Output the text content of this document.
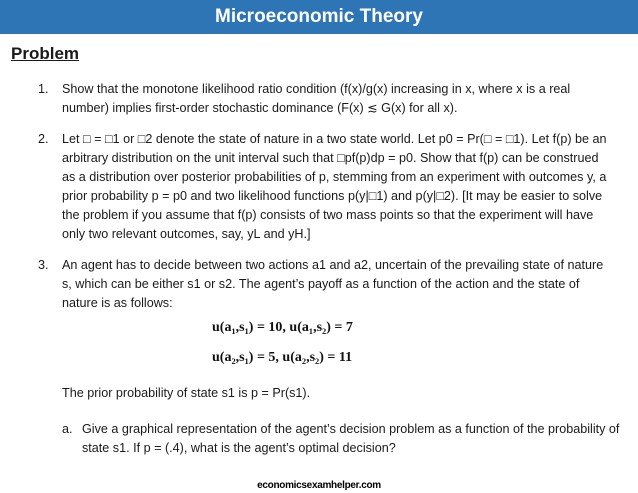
Microeconomic Theory
Problem
1. Show that the monotone likelihood ratio condition (f(x)/g(x) increasing in x, where x is a real number) implies first-order stochastic dominance (F(x) ≲ G(x) for all x).
2. Let □ = □1 or □2 denote the state of nature in a two state world. Let p0 = Pr(□ = □1). Let f(p) be an arbitrary distribution on the unit interval such that □pf(p)dp = p0. Show that f(p) can be construed as a distribution over posterior probabilities of p, stemming from an experiment with outcomes y, a prior probability p = p0 and two likelihood functions p(y|□1) and p(y|□2). [It may be easier to solve the problem if you assume that f(p) consists of two mass points so that the experiment will have only two relevant outcomes, say, yL and yH.]
3. An agent has to decide between two actions a1 and a2, uncertain of the prevailing state of nature s, which can be either s1 or s2. The agent’s payoff as a function of the action and the state of nature is as follows:
u(a₁,s₁) = 10, u(a₁,s₂) = 7
u(a₂,s₁) = 5, u(a₂,s₂) = 11
The prior probability of state s1 is p = Pr(s1).
a. Give a graphical representation of the agent’s decision problem as a function of the probability of state s1. If p = (.4), what is the agent’s optimal decision?
economicsexamhelper.com
